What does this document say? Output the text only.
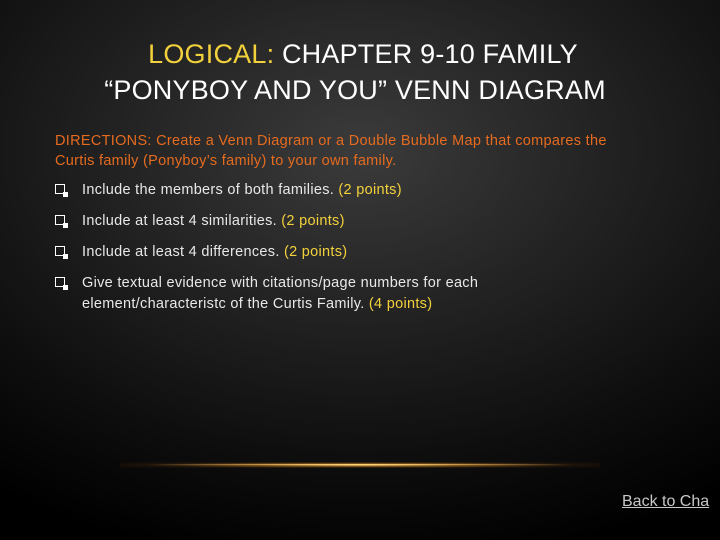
LOGICAL: CHAPTER 9-10 FAMILY
“PONYBOY AND YOU” VENN DIAGRAM
DIRECTIONS: Create a Venn Diagram or a Double Bubble Map that compares the Curtis family (Ponyboy’s family) to your own family.
Include the members of both families. (2 points)
Include at least 4 similarities. (2 points)
Include at least 4 differences. (2 points)
Give textual evidence with citations/page numbers for each element/characteristc of the Curtis Family. (4 points)
Back to Cha
